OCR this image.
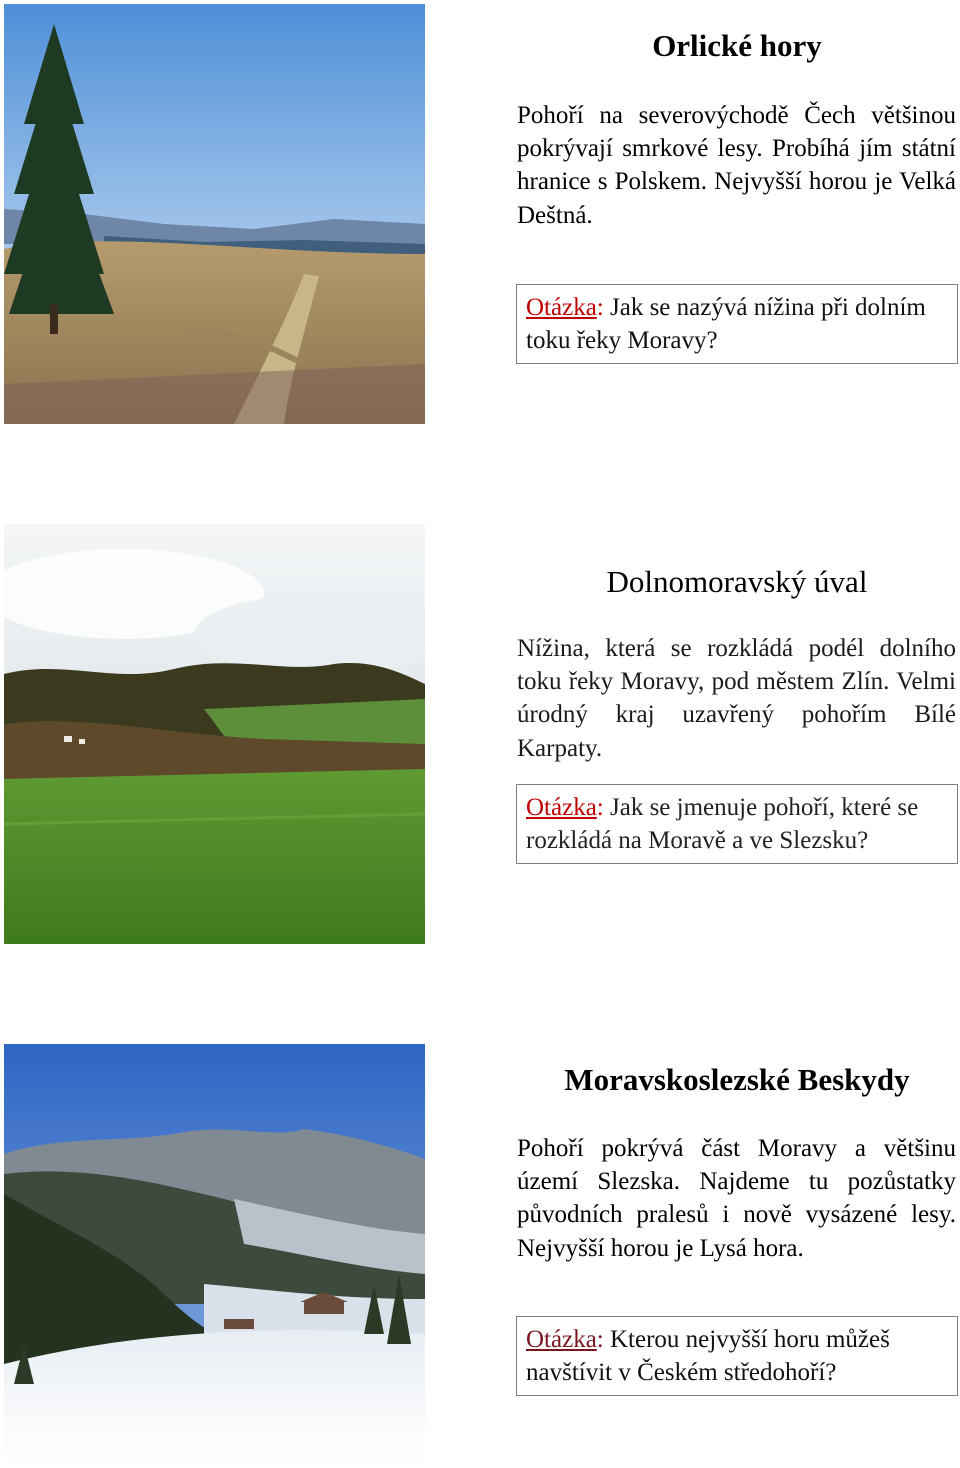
Orlické hory

Pohoří na severovýchodě Čech většinou pokrývají smrkové lesy. Probíhá jím státní hranice s Polskem. Nejvyšší horou je Velká Deštná.

Otázka: Jak se nazývá nížina při dolním toku řeky Moravy?
Dolnomoravský úval

Nížina, která se rozkládá podél dolního toku řeky Moravy, pod městem Zlín. Velmi úrodný kraj uzavřený pohořím Bílé Karpaty.

Otázka: Jak se jmenuje pohoří, které se rozkládá na Moravě a ve Slezsku?
Moravskoslezské Beskydy

Pohoří pokrývá část Moravy a většinu území Slezska. Najdeme tu pozůstatky původních pralesů i nově vysázené lesy. Nejvyšší horou je Lysá hora.

Otázka: Kterou nejvyšší horu můžeš navštívit v Českém středohoří?
